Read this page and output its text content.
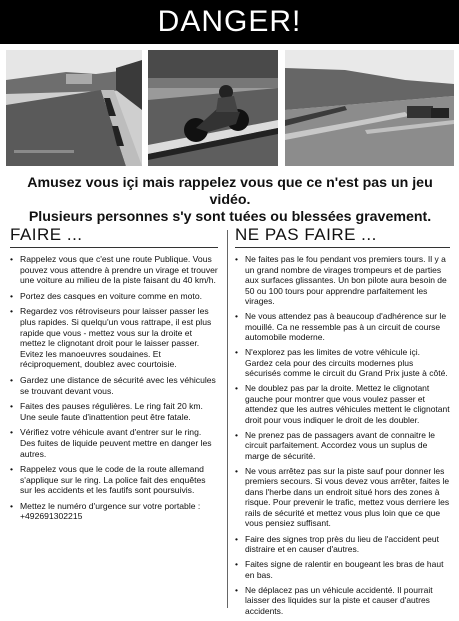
DANGER!
Amusez vous içi mais rappelez vous que ce n'est pas un jeu vidéo.
Plusieurs personnes s'y sont tuées ou blessées gravement.
FAIRE ...
• Rappelez vous que c'est une route Publique. Vous pouvez vous attendre à prendre un virage et trouver une voiture au milieu de la piste faisant du 40 km/h.
• Portez des casques en voiture comme en moto.
• Regardez vos rétroviseurs pour laisser passer les plus rapides. Si quelqu'un vous rattrape, il est plus rapide que vous - mettez vous sur la droite et mettez le clignotant droit pour le laisser passer. Evitez les manoeuvres soudaines. Et réciproquement, doublez avec courtoisie.
• Gardez une distance de sécurité avec les véhicules se trouvant devant vous.
• Faites des pauses régulières. Le ring fait 20 km. Une seule faute d'inattention peut être fatale.
• Vérifiez votre véhicule avant d'entrer sur le ring. Des fuites de liquide peuvent mettre en danger les autres.
• Rappelez vous que le code de la route allemand s'applique sur le ring. La police fait des enquêtes sur les accidents et les fautifs sont poursuivis.
• Mettez le numéro d'urgence sur votre portable : +49269130221​5
NE PAS FAIRE ...
• Ne faites pas le fou pendant vos premiers tours. Il y a un grand nombre de virages trompeurs et de parties aux surfaces glissantes. Un bon pilote aura besoin de 50 ou 100 tours pour apprendre parfaitement les virages.
• Ne vous attendez pas à beaucoup d'adhérence sur le mouillé. Ca ne ressemble pas à un circuit de course automobile moderne.
• N'explorez pas les limites de votre véhicule içi. Gardez cela pour des circuits modernes plus sécurisés comme le circuit du Grand Prix juste à côté.
• Ne doublez pas par la droite. Mettez le clignotant gauche pour montrer que vous voulez passer et attendez que les autres véhicules mettent le clignotant droit pour vous indiquer le droit de les doubler.
• Ne prenez pas de passagers avant de connaitre le circuit parfaitement. Accordez vous un suplus de marge de sécurité.
• Ne vous arrêtez pas sur la piste sauf pour donner les premiers secours. Si vous devez vous arrêter, faites le dans l'herbe dans un endroit situé hors des zones à risque. Pour prevenir le trafic, mettez vous derriere les rails de sécurité et mettez vous plus loin que ce que vous pensiez suffisant.
• Faire des signes trop près du lieu de l'accident peut distraire et en causer d'autres.
• Faites signe de ralentir en bougeant les bras de haut en bas.
• Ne déplacez pas un véhicule accidenté. Il pourrait laisser des liquides sur la piste et causer d'autres accidents.
